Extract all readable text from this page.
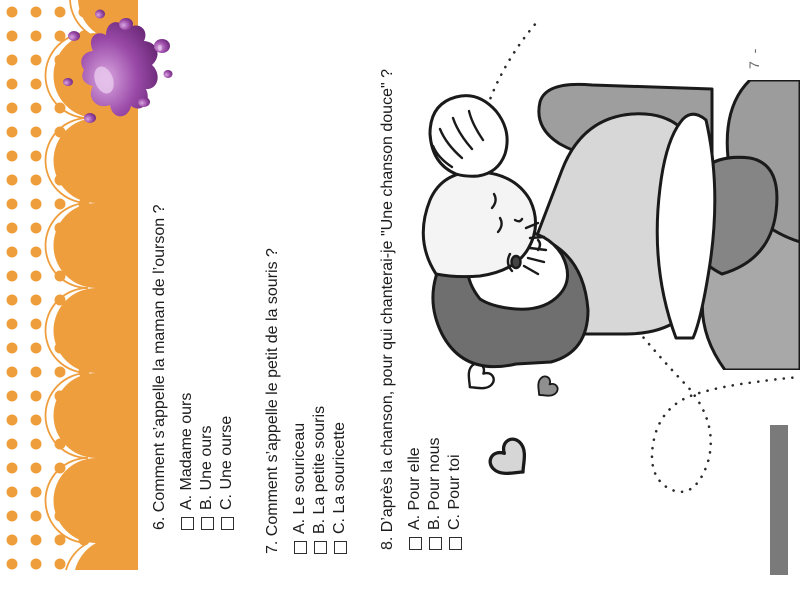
6. Comment s’appelle la maman de l’ourson ? A. Madame ours B. Une ours C. Une ourse 7. Comment s’appelle le petit de la souris ? A. Le souriceau B. La petite souris C. La souricette 8. D’après la chanson, pour qui chanterai-je "Une chanson douce" ? A. Pour elle B. Pour nous C. Pour toi
7 -
